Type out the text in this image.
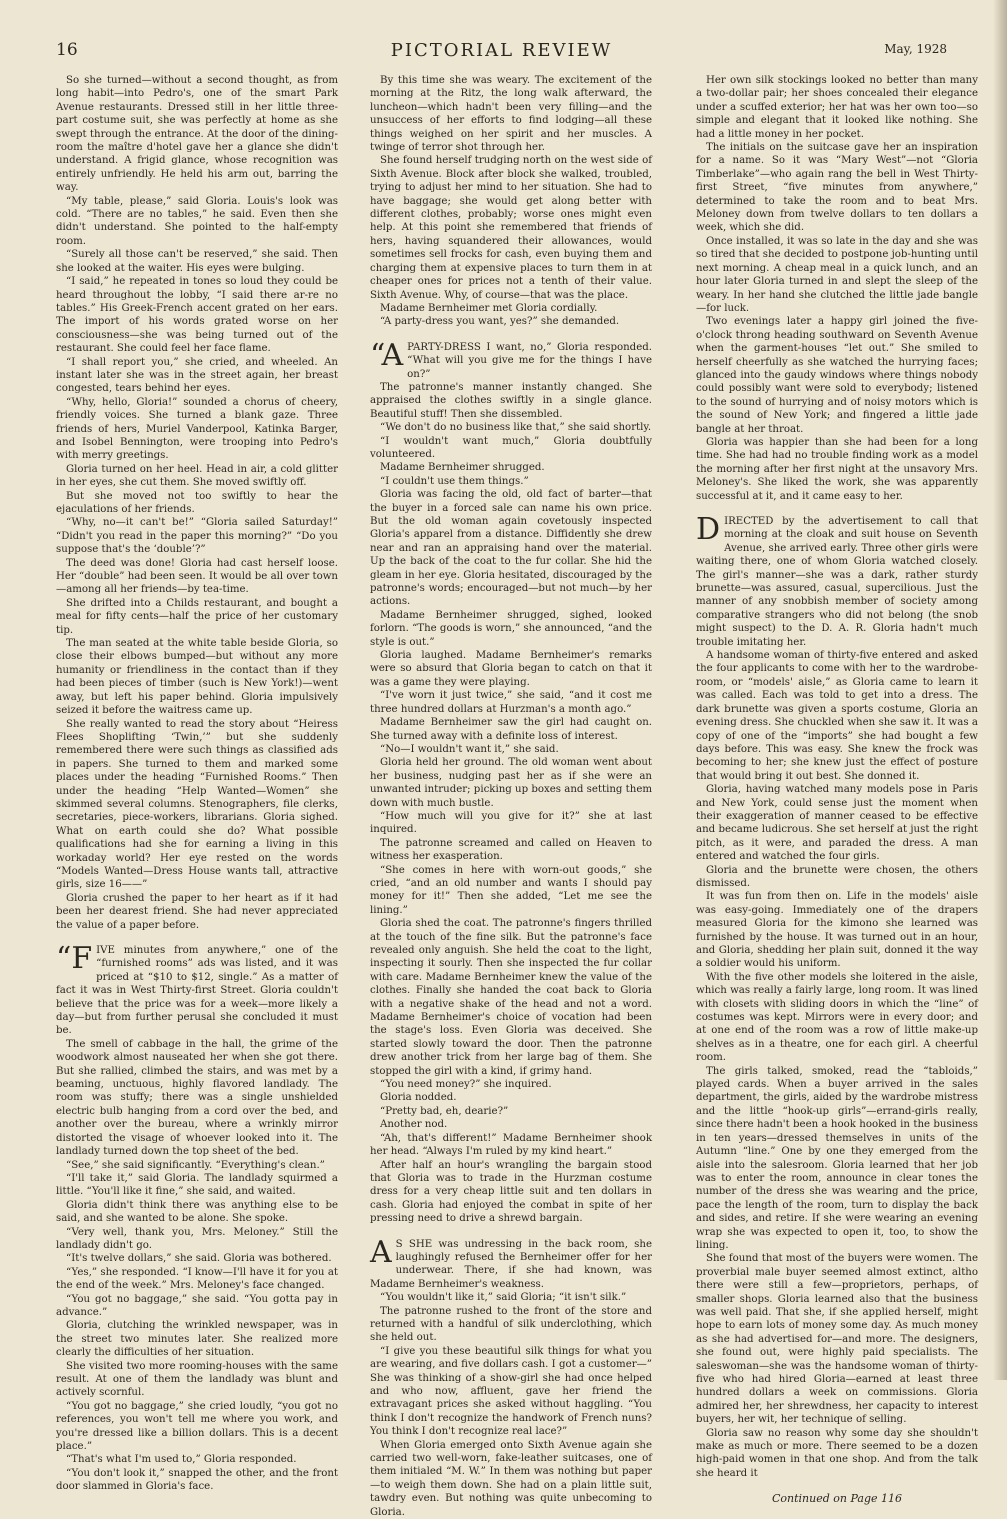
16	PICTORIAL REVIEW	May, 1928

So she turned—without a second thought, as from long habit—into Pedro's, one of the smart Park Avenue restaurants. Dressed still in her little three-part costume suit, she was perfectly at home as she swept through the entrance. At the door of the dining-room the maître d'hotel gave her a glance she didn't understand. A frigid glance, whose recognition was entirely unfriendly. He held his arm out, barring the way.

“My table, please,” said Gloria. Louis's look was cold. “There are no tables,” he said. Even then she didn't understand. She pointed to the half-empty room.

“Surely all those can't be reserved,” she said. Then she looked at the waiter. His eyes were bulging.

“I said,” he repeated in tones so loud they could be heard throughout the lobby, “I said there ar-re no tables.” His Greek-French accent grated on her ears. The import of his words grated worse on her consciousness—she was being turned out of the restaurant. She could feel her face flame.

“I shall report you,” she cried, and wheeled. An instant later she was in the street again, her breast congested, tears behind her eyes.

“Why, hello, Gloria!” sounded a chorus of cheery, friendly voices. She turned a blank gaze. Three friends of hers, Muriel Vanderpool, Katinka Barger, and Isobel Bennington, were trooping into Pedro's with merry greetings.

Gloria turned on her heel. Head in air, a cold glitter in her eyes, she cut them. She moved swiftly off.

But she moved not too swiftly to hear the ejaculations of her friends.

“Why, no—it can't be!” “Gloria sailed Saturday!” “Didn't you read in the paper this morning?” “Do you suppose that's the ‘double’?”

The deed was done! Gloria had cast herself loose. Her “double” had been seen. It would be all over town—among all her friends—by tea-time.

She drifted into a Childs restaurant, and bought a meal for fifty cents—half the price of her customary tip.

The man seated at the white table beside Gloria, so close their elbows bumped—but without any more humanity or friendliness in the contact than if they had been pieces of timber (such is New York!)—went away, but left his paper behind. Gloria impulsively seized it before the waitress came up.

She really wanted to read the story about “Heiress Flees Shoplifting ‘Twin,’” but she suddenly remembered there were such things as classified ads in papers. She turned to them and marked some places under the heading “Furnished Rooms.” Then under the heading “Help Wanted—Women” she skimmed several columns. Stenographers, file clerks, secretaries, piece-workers, librarians. Gloria sighed. What on earth could she do? What possible qualifications had she for earning a living in this workaday world? Her eye rested on the words “Models Wanted—Dress House wants tall, attractive girls, size 16——”

Gloria crushed the paper to her heart as if it had been her dearest friend. She had never appreciated the value of a paper before.

“FIVE minutes from anywhere,” one of the “furnished rooms” ads was listed, and it was priced at “$10 to $12, single.” As a matter of fact it was in West Thirty-first Street. Gloria couldn't believe that the price was for a week—more likely a day—but from further perusal she concluded it must be.

The smell of cabbage in the hall, the grime of the woodwork almost nauseated her when she got there. But she rallied, climbed the stairs, and was met by a beaming, unctuous, highly flavored landlady. The room was stuffy; there was a single unshielded electric bulb hanging from a cord over the bed, and another over the bureau, where a wrinkly mirror distorted the visage of whoever looked into it. The landlady turned down the top sheet of the bed.

“See,” she said significantly. “Everything's clean.”

“I'll take it,” said Gloria. The landlady squirmed a little. “You'll like it fine,” she said, and waited.

Gloria didn't think there was anything else to be said, and she wanted to be alone. She spoke.

“Very well, thank you, Mrs. Meloney.” Still the landlady didn't go.

“It's twelve dollars,” she said. Gloria was bothered.

“Yes,” she responded. “I know—I'll have it for you at the end of the week.” Mrs. Meloney's face changed.

“You got no baggage,” she said. “You gotta pay in advance.”

Gloria, clutching the wrinkled newspaper, was in the street two minutes later. She realized more clearly the difficulties of her situation.

She visited two more rooming-houses with the same result. At one of them the landlady was blunt and actively scornful.

“You got no baggage,” she cried loudly, “you got no references, you won't tell me where you work, and you're dressed like a billion dollars. This is a decent place.”

“That's what I'm used to,” Gloria responded.

“You don't look it,” snapped the other, and the front door slammed in Gloria's face.

By this time she was weary. The excitement of the morning at the Ritz, the long walk afterward, the luncheon—which hadn't been very filling—and the unsuccess of her efforts to find lodging—all these things weighed on her spirit and her muscles. A twinge of terror shot through her.

She found herself trudging north on the west side of Sixth Avenue. Block after block she walked, troubled, trying to adjust her mind to her situation. She had to have baggage; she would get along better with different clothes, probably; worse ones might even help. At this point she remembered that friends of hers, having squandered their allowances, would sometimes sell frocks for cash, even buying them and charging them at expensive places to turn them in at cheaper ones for prices not a tenth of their value. Sixth Avenue. Why, of course—that was the place.

Madame Bernheimer met Gloria cordially.

“A party-dress you want, yes?” she demanded.

“A PARTY-DRESS I want, no,” Gloria responded. “What will you give me for the things I have on?”

The patronne's manner instantly changed. She appraised the clothes swiftly in a single glance. Beautiful stuff! Then she dissembled.

“We don't do no business like that,” she said shortly.

“I wouldn't want much,” Gloria doubtfully volunteered.

Madame Bernheimer shrugged.

“I couldn't use them things.”

Gloria was facing the old, old fact of barter—that the buyer in a forced sale can name his own price. But the old woman again covetously inspected Gloria's apparel from a distance. Diffidently she drew near and ran an appraising hand over the material. Up the back of the coat to the fur collar. She hid the gleam in her eye. Gloria hesitated, discouraged by the patronne's words; encouraged—but not much—by her actions.

Madame Bernheimer shrugged, sighed, looked forlorn. “The goods is worn,” she announced, “and the style is out.”

Gloria laughed. Madame Bernheimer's remarks were so absurd that Gloria began to catch on that it was a game they were playing.

“I've worn it just twice,” she said, “and it cost me three hundred dollars at Hurzman's a month ago.”

Madame Bernheimer saw the girl had caught on. She turned away with a definite loss of interest.

“No—I wouldn't want it,” she said.

Gloria held her ground. The old woman went about her business, nudging past her as if she were an unwanted intruder; picking up boxes and setting them down with much bustle.

“How much will you give for it?” she at last inquired.

The patronne screamed and called on Heaven to witness her exasperation.

“She comes in here with worn-out goods,” she cried, “and an old number and wants I should pay money for it!” Then she added, “Let me see the lining.”

Gloria shed the coat. The patronne's fingers thrilled at the touch of the fine silk. But the patronne's face revealed only anguish. She held the coat to the light, inspecting it sourly. Then she inspected the fur collar with care. Madame Bernheimer knew the value of the clothes. Finally she handed the coat back to Gloria with a negative shake of the head and not a word. Madame Bernheimer's choice of vocation had been the stage's loss. Even Gloria was deceived. She started slowly toward the door. Then the patronne drew another trick from her large bag of them. She stopped the girl with a kind, if grimy hand.

“You need money?” she inquired.

Gloria nodded.

“Pretty bad, eh, dearie?”

Another nod.

“Ah, that's different!” Madame Bernheimer shook her head. “Always I'm ruled by my kind heart.”

After half an hour's wrangling the bargain stood that Gloria was to trade in the Hurzman costume dress for a very cheap little suit and ten dollars in cash. Gloria had enjoyed the combat in spite of her pressing need to drive a shrewd bargain.

A S SHE was undressing in the back room, she laughingly refused the Bernheimer offer for her underwear. There, if she had known, was Madame Bernheimer's weakness.

“You wouldn't like it,” said Gloria; “it isn't silk.”

The patronne rushed to the front of the store and returned with a handful of silk underclothing, which she held out.

“I give you these beautiful silk things for what you are wearing, and five dollars cash. I got a customer—” She was thinking of a show-girl she had once helped and who now, affluent, gave her friend the extravagant prices she asked without haggling. “You think I don't recognize the handwork of French nuns? You think I don't recognize real lace?”

When Gloria emerged onto Sixth Avenue again she carried two well-worn, fake-leather suitcases, one of them initialed “M. W.” In them was nothing but paper—to weigh them down. She had on a plain little suit, tawdry even. But nothing was quite unbecoming to Gloria.

Her own silk stockings looked no better than many a two-dollar pair; her shoes concealed their elegance under a scuffed exterior; her hat was her own too—so simple and elegant that it looked like nothing. She had a little money in her pocket.

The initials on the suitcase gave her an inspiration for a name. So it was “Mary West”—not “Gloria Timberlake”—who again rang the bell in West Thirty-first Street, “five minutes from anywhere,” determined to take the room and to beat Mrs. Meloney down from twelve dollars to ten dollars a week, which she did.

Once installed, it was so late in the day and she was so tired that she decided to postpone job-hunting until next morning. A cheap meal in a quick lunch, and an hour later Gloria turned in and slept the sleep of the weary. In her hand she clutched the little jade bangle—for luck.

Two evenings later a happy girl joined the five-o'clock throng heading southward on Seventh Avenue when the garment-houses “let out.” She smiled to herself cheerfully as she watched the hurrying faces; glanced into the gaudy windows where things nobody could possibly want were sold to everybody; listened to the sound of hurrying and of noisy motors which is the sound of New York; and fingered a little jade bangle at her throat.

Gloria was happier than she had been for a long time. She had had no trouble finding work as a model the morning after her first night at the unsavory Mrs. Meloney's. She liked the work, she was apparently successful at it, and it came easy to her.

DIRECTED by the advertisement to call that morning at the cloak and suit house on Seventh Avenue, she arrived early. Three other girls were waiting there, one of whom Gloria watched closely. The girl's manner—she was a dark, rather sturdy brunette—was assured, casual, supercilious. Just the manner of any snobbish member of society among comparative strangers who did not belong (the snob might suspect) to the D. A. R. Gloria hadn't much trouble imitating her.

A handsome woman of thirty-five entered and asked the four applicants to come with her to the wardrobe-room, or “models' aisle,” as Gloria came to learn it was called. Each was told to get into a dress. The dark brunette was given a sports costume, Gloria an evening dress. She chuckled when she saw it. It was a copy of one of the “imports” she had bought a few days before. This was easy. She knew the frock was becoming to her; she knew just the effect of posture that would bring it out best. She donned it.

Gloria, having watched many models pose in Paris and New York, could sense just the moment when their exaggeration of manner ceased to be effective and became ludicrous. She set herself at just the right pitch, as it were, and paraded the dress. A man entered and watched the four girls.

Gloria and the brunette were chosen, the others dismissed.

It was fun from then on. Life in the models' aisle was easy-going. Immediately one of the drapers measured Gloria for the kimono she learned was furnished by the house. It was turned out in an hour, and Gloria, shedding her plain suit, donned it the way a soldier would his uniform.

With the five other models she loitered in the aisle, which was really a fairly large, long room. It was lined with closets with sliding doors in which the “line” of costumes was kept. Mirrors were in every door; and at one end of the room was a row of little make-up shelves as in a theatre, one for each girl. A cheerful room.

The girls talked, smoked, read the “tabloids,” played cards. When a buyer arrived in the sales department, the girls, aided by the wardrobe mistress and the little “hook-up girls”—errand-girls really, since there hadn't been a hook hooked in the business in ten years—dressed themselves in units of the Autumn “line.” One by one they emerged from the aisle into the salesroom. Gloria learned that her job was to enter the room, announce in clear tones the number of the dress she was wearing and the price, pace the length of the room, turn to display the back and sides, and retire. If she were wearing an evening wrap she was expected to open it, too, to show the lining.

She found that most of the buyers were women. The proverbial male buyer seemed almost extinct, altho there were still a few—proprietors, perhaps, of smaller shops. Gloria learned also that the business was well paid. That she, if she applied herself, might hope to earn lots of money some day. As much money as she had advertised for—and more. The designers, she found out, were highly paid specialists. The saleswoman—she was the handsome woman of thirty-five who had hired Gloria—earned at least three hundred dollars a week on commissions. Gloria admired her, her shrewdness, her capacity to interest buyers, her wit, her technique of selling.

Gloria saw no reason why some day she shouldn't make as much or more. There seemed to be a dozen high-paid women in that one shop. And from the talk she heard it

Continued on Page 116
